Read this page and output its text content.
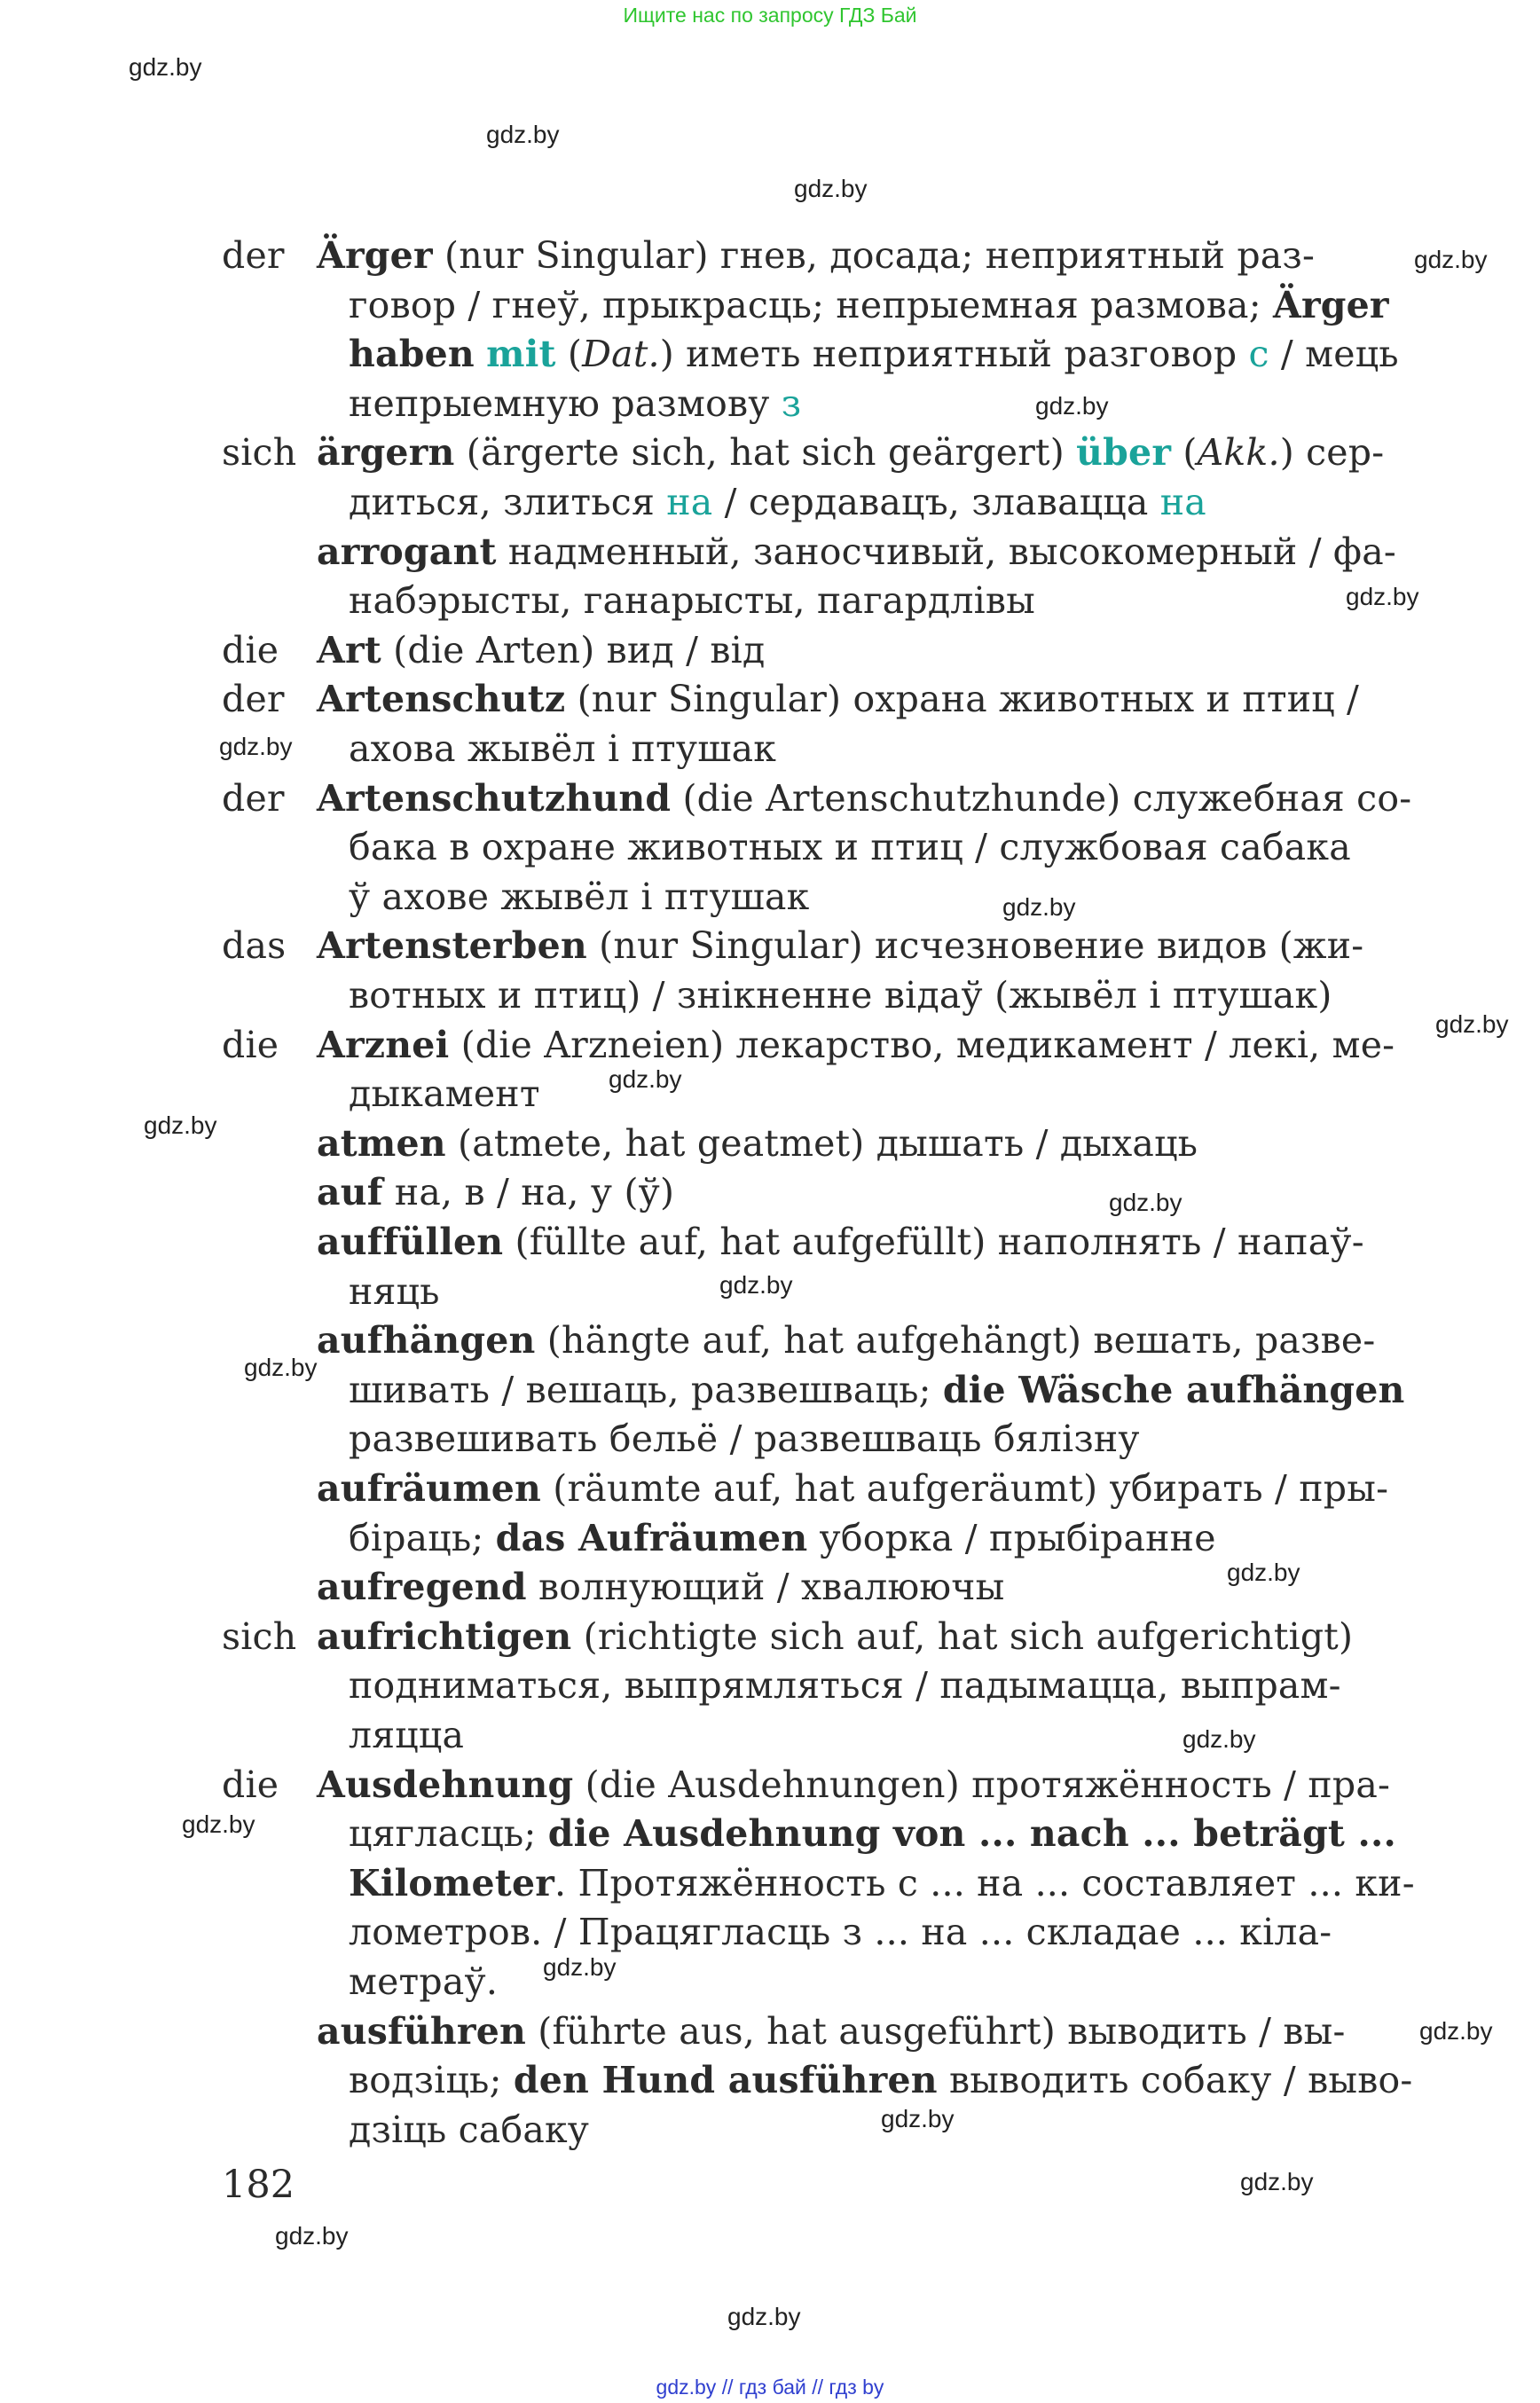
Ищите нас по запросу ГДЗ Бай
gdz.by
gdz.by
gdz.by
gdz.by
gdz.by
gdz.by
gdz.by
gdz.by
gdz.by
gdz.by
gdz.by
gdz.by
gdz.by
gdz.by
gdz.by
gdz.by
gdz.by
gdz.by
gdz.by
gdz.by
gdz.by
gdz.by
gdz.by
der Ärger (nur Singular) гнев, досада; неприятный раз-
говор / гнеў, прыкрасць; непрыемная размова; Ärger
haben mit (Dat.) иметь неприятный разговор с / мець
непрыемную размову з
sich ärgern (ärgerte sich, hat sich geärgert) über (Akk.) сер-
диться, злиться на / сердавацъ, злавацца на
arrogant надменный, заносчивый, высокомерный / фа-
набэрысты, ганарысты, пагардлівы
die Art (die Arten) вид / від
der Artenschutz (nur Singular) охрана животных и птиц /
ахова жывёл і птушак
der Artenschutzhund (die Artenschutzhunde) служебная со-
бака в охране животных и птиц / службовая сабака
ў ахове жывёл і птушак
das Artensterben (nur Singular) исчезновение видов (жи-
вотных и птиц) / знікненне відаў (жывёл і птушак)
die Arznei (die Arzneien) лекарство, медикамент / лекі, ме-
дыкамент
atmen (atmete, hat geatmet) дышать / дыхаць
auf на, в / на, у (ў)
auffüllen (füllte auf, hat aufgefüllt) наполнять / напаў-
няць
aufhängen (hängte auf, hat aufgehängt) вешать, разве-
шивать / вешаць, развешваць; die Wäsche aufhängen
развешивать бельё / развешваць бялізну
aufräumen (räumte auf, hat aufgeräumt) убирать / пры-
біраць; das Aufräumen уборка / прыбіранне
aufregend волнующий / хвалюючы
sich aufrichtigen (richtigte sich auf, hat sich aufgerichtigt)
подниматься, выпрямляться / падымацца, выпрам-
ляцца
die Ausdehnung (die Ausdehnungen) протяжённость / пра-
цягласць; die Ausdehnung von ... nach ... beträgt ...
Kilometer. Протяжённость с ... на ... составляет ... ки-
лометров. / Працягласць з ... на ... складае ... кіла-
метраў.
ausführen (führte aus, hat ausgeführt) выводить / вы-
водзіць; den Hund ausführen выводить собаку / выво-
дзіць сабаку
182
gdz.by // гдз бай // гдз by
